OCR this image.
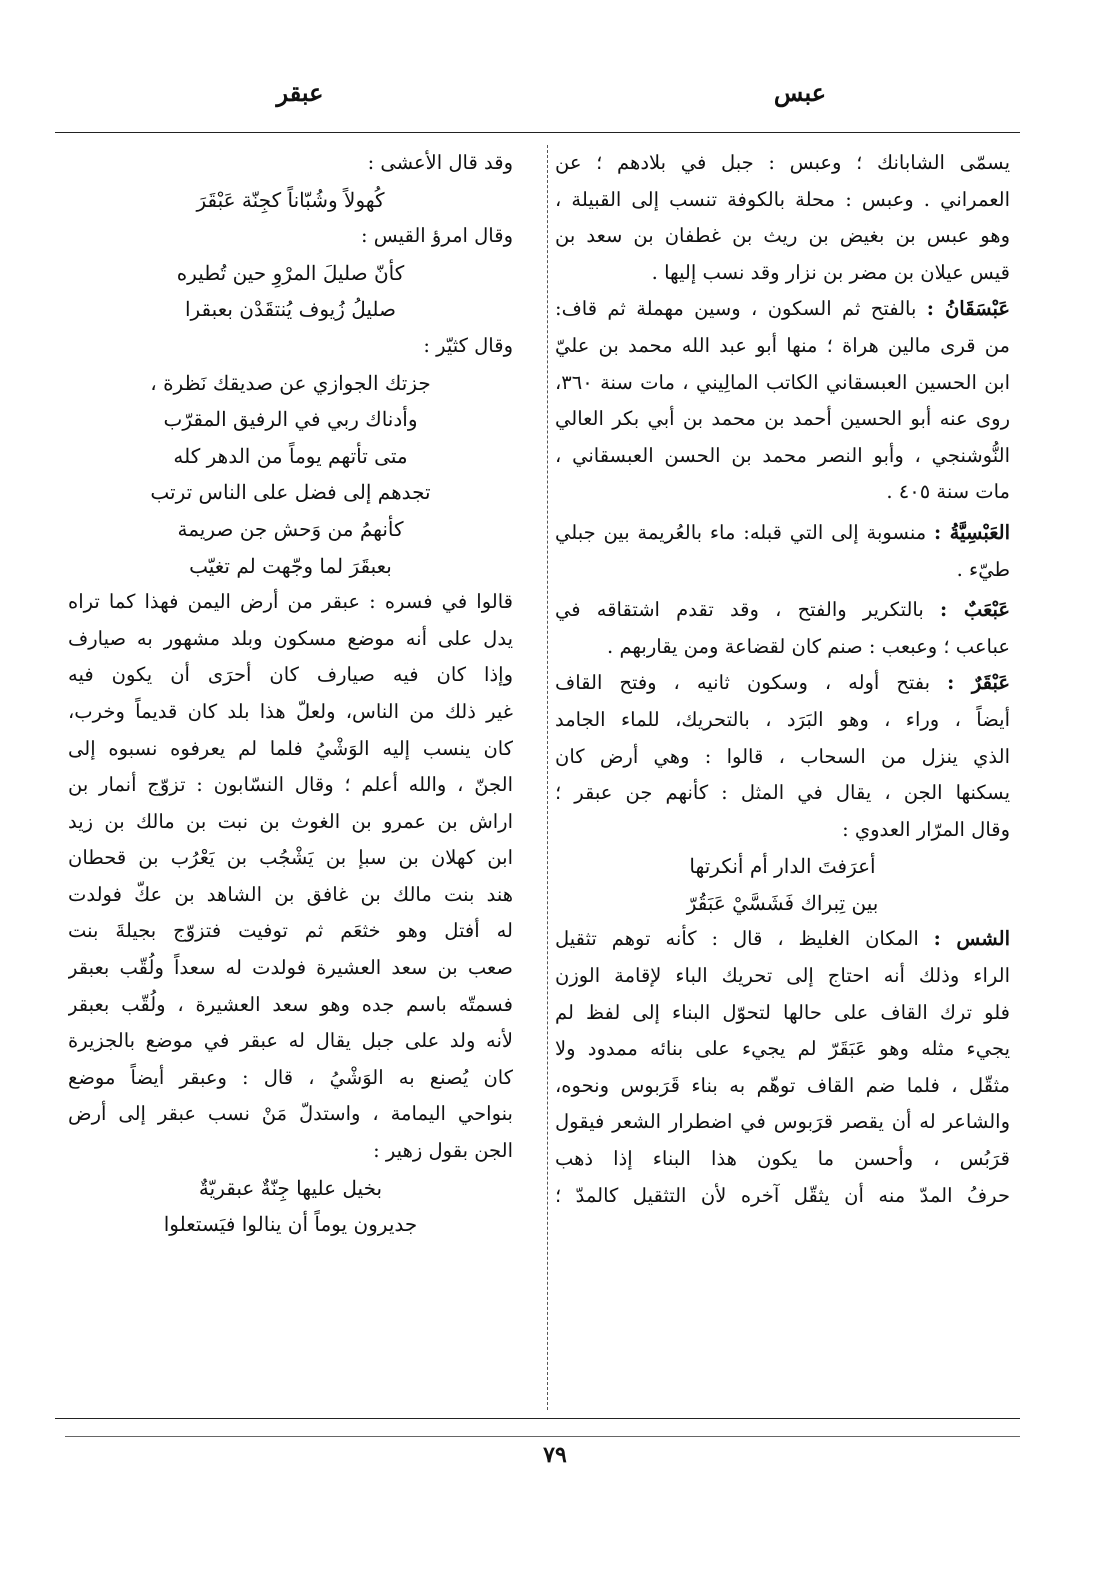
عبس
عبقر
يسمّى الشابانك ؛ وعبس : جبل في بلادهم ؛ عن
العمراني . وعبس : محلة بالكوفة تنسب إلى القبيلة ،
وهو عبس بن بغيض بن ريث بن غطفان بن سعد بن
قيس عيلان بن مضر بن نزار وقد نسب إليها .
عَبْسَقَانُ : بالفتح ثم السكون ، وسين مهملة ثم قاف:
من قرى مالين هراة ؛ منها أبو عبد الله محمد بن عليّ
ابن الحسين العبسقاني الكاتب المالِيني ، مات سنة ٣٦٠،
روى عنه أبو الحسين أحمد بن محمد بن أبي بكر العالي
النُّوشنجي ، وأبو النصر محمد بن الحسن العبسقاني ،
مات سنة ٤٠٥ .
العَبْسِيَّةُ : منسوبة إلى التي قبله: ماء بالعُريمة بين جبلي
طيّء .
عَبْعَبٌ : بالتكرير والفتح ، وقد تقدم اشتقاقه في
عباعب ؛ وعبعب : صنم كان لقضاعة ومن يقاربهم .
عَبْقَرٌ : بفتح أوله ، وسكون ثانيه ، وفتح القاف
أيضاً ، وراء ، وهو البَرَد ، بالتحريك، للماء الجامد
الذي ينزل من السحاب ، قالوا : وهي أرض كان
يسكنها الجن ، يقال في المثل : كأنهم جن عبقر ؛
وقال المرّار العدوي :
أعرَفتَ الدار أم أنكرتها
بين تِبراك فَشَسَّيْ عَبَقُرّ
الشس : المكان الغليظ ، قال : كأنه توهم تثقيل
الراء وذلك أنه احتاج إلى تحريك الباء لإقامة الوزن
فلو ترك القاف على حالها لتحوّل البناء إلى لفظ لم
يجيء مثله وهو عَبَقَرّ لم يجيء على بنائه ممدود ولا
مثقّل ، فلما ضم القاف توهّم به بناء قَرَبوس ونحوه،
والشاعر له أن يقصر قرَبوس في اضطرار الشعر فيقول
قرَبُس ، وأحسن ما يكون هذا البناء إذا ذهب
حرفُ المدّ منه أن يثقّل آخره لأن التثقيل كالمدّ ؛
وقد قال الأعشى :
كُهولاً وشُبّاناً كجِنّة عَبْقَرَ
وقال امرؤ القيس :
كأنّ صليلَ المرْوِ حين تُطيره
صليلُ زُيوف يُنتقَدْن بعبقرا
وقال كثيّر :
جزتك الجوازي عن صديقك نَظرة ،
وأدناك ربي في الرفيق المقرّب
متى تأتهم يوماً من الدهر كله
تجدهم إلى فضل على الناس ترتب
كأنهمُ من وَحش جن صريمة
بعبقَرَ لما وجّهت لم تغيّب
قالوا في فسره : عبقر من أرض اليمن فهذا كما تراه
يدل على أنه موضع مسكون وبلد مشهور به صيارف
وإذا كان فيه صيارف كان أحرَى أن يكون فيه
غير ذلك من الناس، ولعلّ هذا بلد كان قديماً وخرب،
كان ينسب إليه الوَشْيُ فلما لم يعرفوه نسبوه إلى
الجنّ ، والله أعلم ؛ وقال النسّابون : تزوّج أنمار بن
اراش بن عمرو بن الغوث بن نبت بن مالك بن زيد
ابن كهلان بن سبإ بن يَشْجُب بن يَعْرُب بن قحطان
هند بنت مالك بن غافق بن الشاهد بن عكّ فولدت
له أفتل وهو خثعَم ثم توفيت فتزوّج بجيلةَ بنت
صعب بن سعد العشيرة فولدت له سعداً ولُقّب بعبقر
فسمتّه باسم جده وهو سعد العشيرة ، ولُقّب بعبقر
لأنه ولد على جبل يقال له عبقر في موضع بالجزيرة
كان يُصنع به الوَشْيُ ، قال : وعبقر أيضاً موضع
بنواحي اليمامة ، واستدلّ مَنْ نسب عبقر إلى أرض
الجن بقول زهير :
بخيل عليها جِنّةٌ عبقريّةٌ
جديرون يوماً أن ينالوا فيَستعلوا
٧٩
